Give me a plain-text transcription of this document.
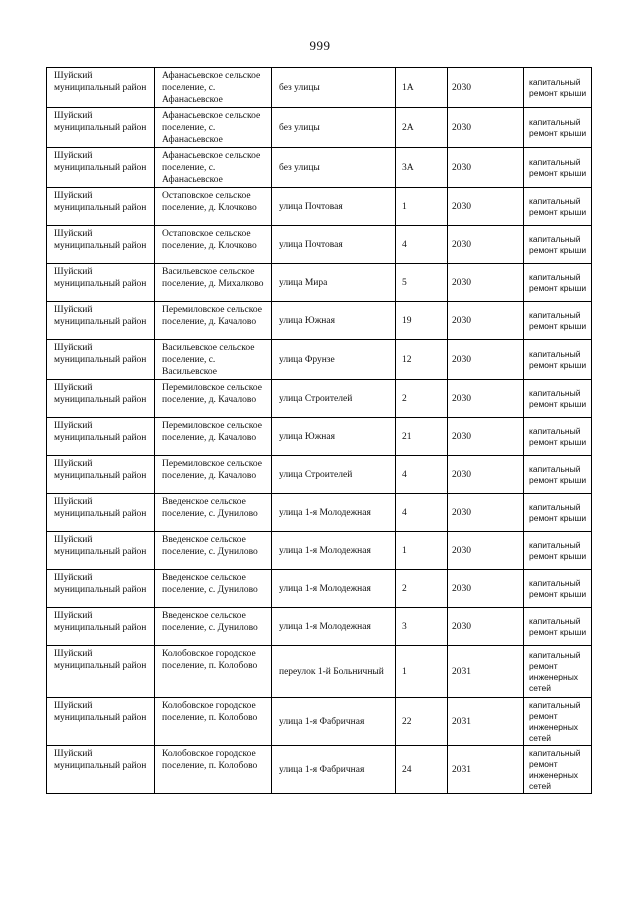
999
Шуйский муниципальный район	Афанасьевское сельское поселение, с. Афанасьевское	без улицы	1А	2030	капитальный ремонт крыши
Шуйский муниципальный район	Афанасьевское сельское поселение, с. Афанасьевское	без улицы	2А	2030	капитальный ремонт крыши
Шуйский муниципальный район	Афанасьевское сельское поселение, с. Афанасьевское	без улицы	3А	2030	капитальный ремонт крыши
Шуйский муниципальный район	Остаповское сельское поселение, д. Клочково	улица Почтовая	1	2030	капитальный ремонт крыши
Шуйский муниципальный район	Остаповское сельское поселение, д. Клочково	улица Почтовая	4	2030	капитальный ремонт крыши
Шуйский муниципальный район	Васильевское сельское поселение, д. Михалково	улица Мира	5	2030	капитальный ремонт крыши
Шуйский муниципальный район	Перемиловское сельское поселение, д. Качалово	улица Южная	19	2030	капитальный ремонт крыши
Шуйский муниципальный район	Васильевское сельское поселение, с. Васильевское	улица Фрунзе	12	2030	капитальный ремонт крыши
Шуйский муниципальный район	Перемиловское сельское поселение, д. Качалово	улица Строителей	2	2030	капитальный ремонт крыши
Шуйский муниципальный район	Перемиловское сельское поселение, д. Качалово	улица Южная	21	2030	капитальный ремонт крыши
Шуйский муниципальный район	Перемиловское сельское поселение, д. Качалово	улица Строителей	4	2030	капитальный ремонт крыши
Шуйский муниципальный район	Введенское сельское поселение, с. Дунилово	улица 1-я Молодежная	4	2030	капитальный ремонт крыши
Шуйский муниципальный район	Введенское сельское поселение, с. Дунилово	улица 1-я Молодежная	1	2030	капитальный ремонт крыши
Шуйский муниципальный район	Введенское сельское поселение, с. Дунилово	улица 1-я Молодежная	2	2030	капитальный ремонт крыши
Шуйский муниципальный район	Введенское сельское поселение, с. Дунилово	улица 1-я Молодежная	3	2030	капитальный ремонт крыши
Шуйский муниципальный район	Колобовское городское поселение, п. Колобово	переулок 1-й Больничный	1	2031	капитальный ремонт инженерных сетей
Шуйский муниципальный район	Колобовское городское поселение, п. Колобово	улица 1-я Фабричная	22	2031	капитальный ремонт инженерных сетей
Шуйский муниципальный район	Колобовское городское поселение, п. Колобово	улица 1-я Фабричная	24	2031	капитальный ремонт инженерных сетей
